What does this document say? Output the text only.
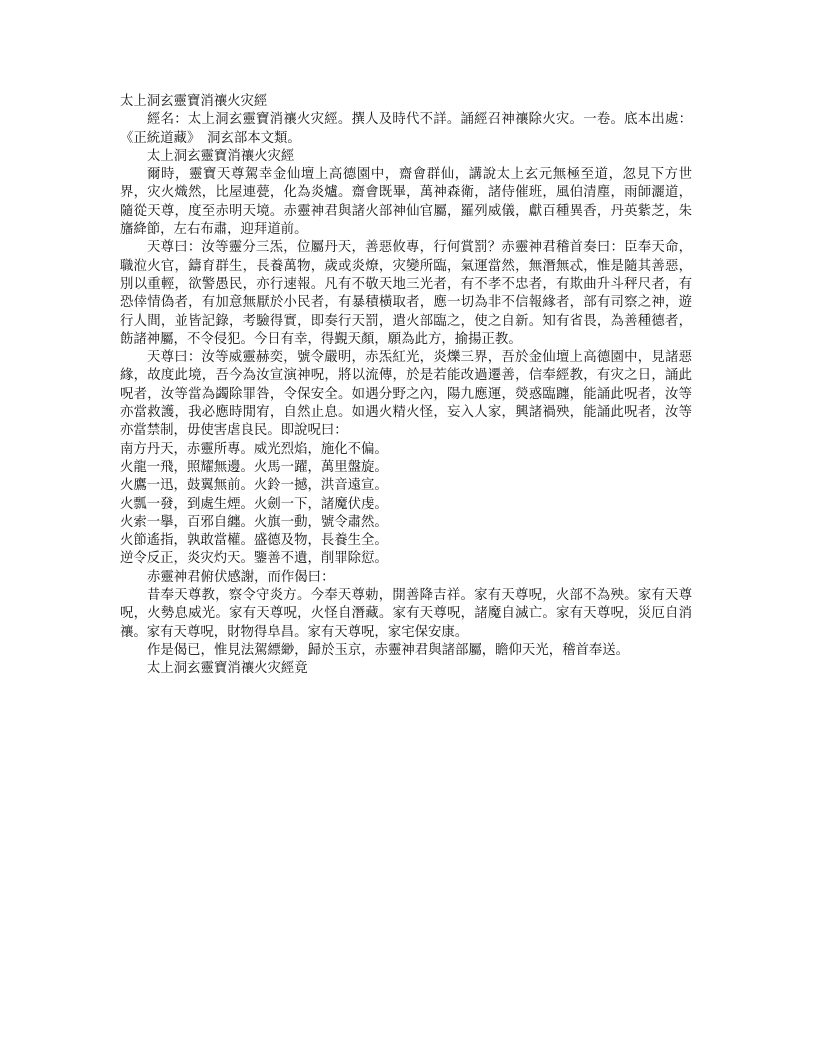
太上洞玄靈寶消禳火灾經

經名：太上洞玄靈寶消禳火灾經。撰人及時代不詳。誦經召神禳除火灾。一卷。底本出處：《正統道藏》　洞玄部本文類。

太上洞玄靈寶消禳火灾經

爾時，靈寶天尊駕幸金仙壇上高德園中，齋會群仙，講說太上玄元無極至道，忽見下方世界，灾火熾然，比屋連甍，化為炎爐。齋會既畢，萬神森衛，諸侍催班，風伯清塵，雨師灑道，隨從天尊，度至赤明天境。赤靈神君與諸火部神仙官屬，羅列威儀，獻百種異香，丹英紫芝，朱旛絳節，左右布肅，迎拜道前。

天尊曰：汝等靈分三炁，位屬丹天，善惡攸專，行何賞罰？赤靈神君稽首奏曰：臣奉天命，職涖火官，鑄育群生，長養萬物，歲或炎燎，灾變所臨，氣運當然，無潛無忒，惟是隨其善惡，別以重輕，欲警愚民，亦行速報。凡有不敬天地三光者，有不孝不忠者，有欺曲升斗秤尺者，有恐倖情偽者，有加意無厭於小民者，有暴積橫取者，應一切為非不信報緣者，部有司察之神，遊行人間，並皆記錄，考驗得實，即奏行天罰，遣火部臨之，使之自新。知有省畏，為善種德者，飭諸神屬，不令侵犯。今日有幸，得覲天顏，願為此方，揄揚正教。

天尊曰：汝等威靈赫奕，號令嚴明，赤炁紅光，炎爍三界，吾於金仙壇上高德園中，見諸惡緣，故度此境，吾今為汝宣演神呪，將以流傳，於是若能改過遷善，信奉經教，有灾之日，誦此呪者，汝等當為蠲除罪咎，令保安全。如遇分野之內，陽九應運，熒惑臨躔，能誦此呪者，汝等亦當救護，我必應時閒宥，自然止息。如遇火精火怪，妄入人家，興諸禍殃，能誦此呪者，汝等亦當禁制，毋使害虐良民。即說呪曰：

南方丹天，赤靈所專。威光烈焰，施化不偏。

火龍一飛，照耀無邊。火馬一躍，萬里盤旋。

火鷹一迅，鼓翼無前。火鈴一撼，洪音遠宣。

火瓢一發，到處生煙。火劍一下，諸魔伏虔。

火索一擧，百邪自纏。火旗一動，號令肅然。

火節遙指，孰敢當權。盛德及物，長養生全。

逆令反正，炎灾灼天。鑒善不遺，削罪除愆。

赤靈神君俯伏感謝，而作偈曰：

昔奉天尊教，察令守炎方。今奉天尊勅，開善降吉祥。家有天尊呪，火部不為殃。家有天尊呪，火勢息威光。家有天尊呪，火怪自潛藏。家有天尊呪，諸魔自滅亡。家有天尊呪，災厄自消禳。家有天尊呪，財物得阜昌。家有天尊呪，家宅保安康。

作是偈已，惟見法駕縹緲，歸於玉京，赤靈神君與諸部屬，瞻仰天光，稽首奉送。

太上洞玄靈寶消禳火灾經竟
